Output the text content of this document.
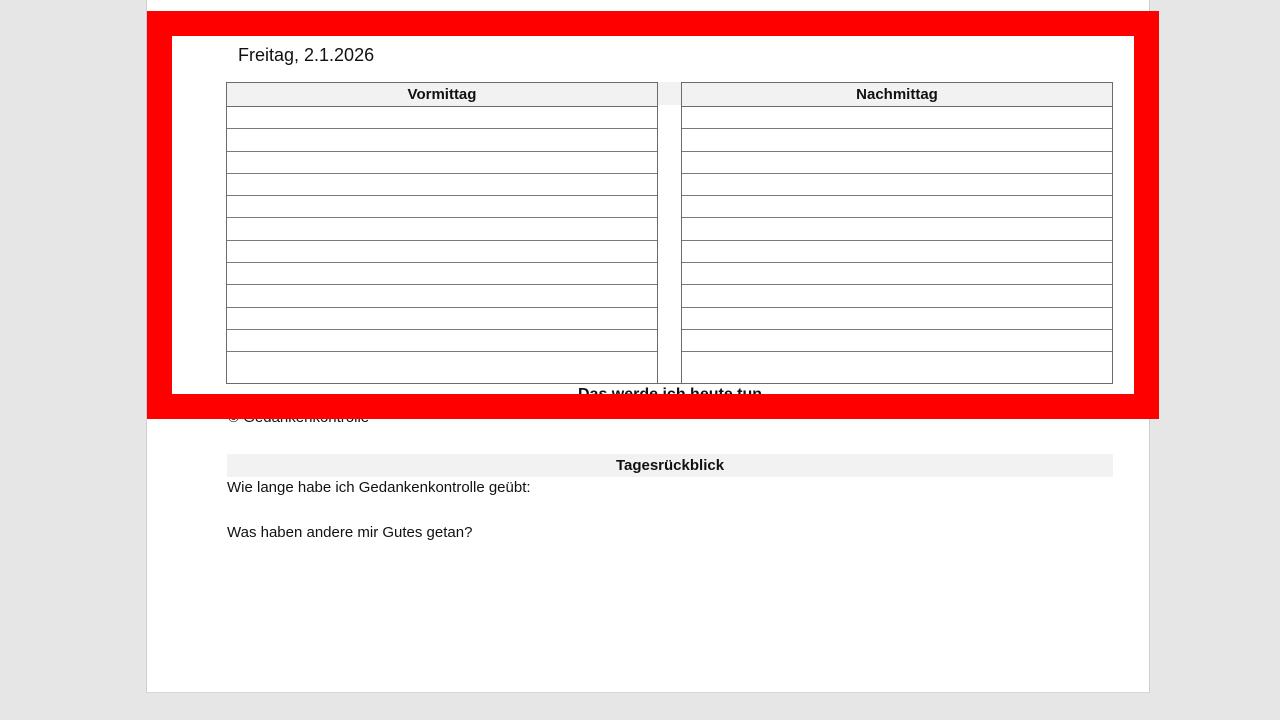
Freitag, 2.1.2026
Vormittag	Nachmittag
Das werde ich heute tun
© Gedankenkontrolle
Tagesrückblick
Wie lange habe ich Gedankenkontrolle geübt:
Was haben andere mir Gutes getan?
